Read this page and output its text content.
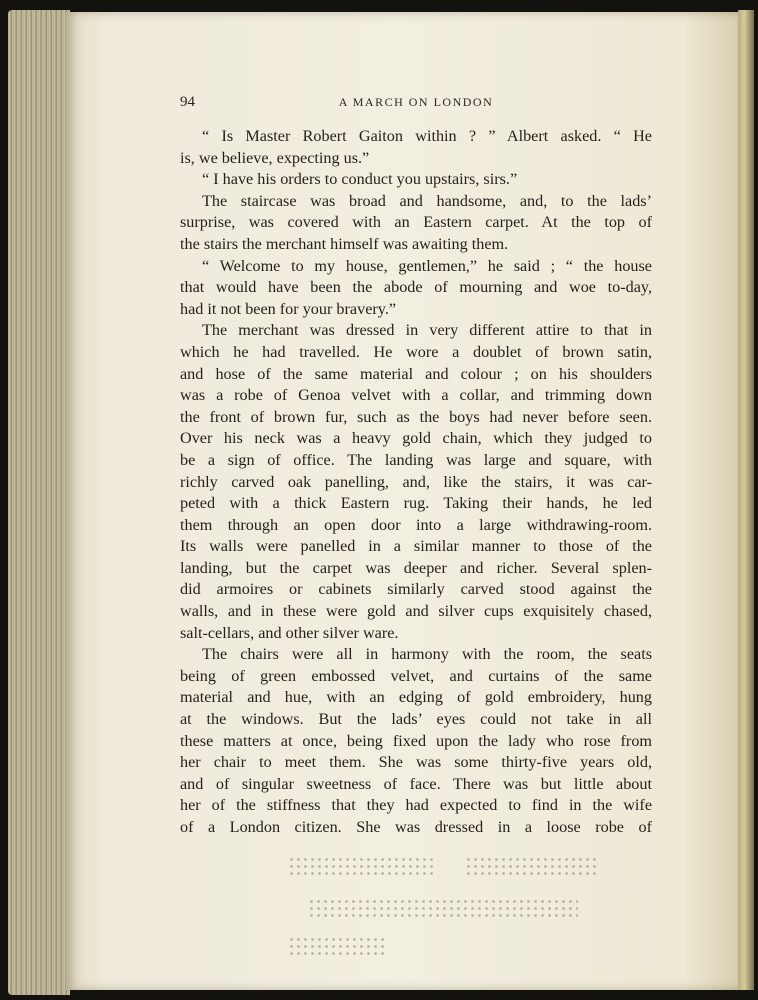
94	A MARCH ON LONDON
“ Is Master Robert Gaiton within ? ” Albert asked. “ He
is, we believe, expecting us.”
“ I have his orders to conduct you upstairs, sirs.”
The staircase was broad and handsome, and, to the lads’
surprise, was covered with an Eastern carpet. At the top of
the stairs the merchant himself was awaiting them.
“ Welcome to my house, gentlemen,” he said ; “ the house
that would have been the abode of mourning and woe to-day,
had it not been for your bravery.”
The merchant was dressed in very different attire to that in
which he had travelled. He wore a doublet of brown satin,
and hose of the same material and colour ; on his shoulders
was a robe of Genoa velvet with a collar, and trimming down
the front of brown fur, such as the boys had never before seen.
Over his neck was a heavy gold chain, which they judged to
be a sign of office. The landing was large and square, with
richly carved oak panelling, and, like the stairs, it was car-
peted with a thick Eastern rug. Taking their hands, he led
them through an open door into a large withdrawing-room.
Its walls were panelled in a similar manner to those of the
landing, but the carpet was deeper and richer. Several splen-
did armoires or cabinets similarly carved stood against the
walls, and in these were gold and silver cups exquisitely chased,
salt-cellars, and other silver ware.
The chairs were all in harmony with the room, the seats
being of green embossed velvet, and curtains of the same
material and hue, with an edging of gold embroidery, hung
at the windows. But the lads’ eyes could not take in all
these matters at once, being fixed upon the lady who rose from
her chair to meet them. She was some thirty-five years old,
and of singular sweetness of face. There was but little about
her of the stiffness that they had expected to find in the wife
of a London citizen. She was dressed in a loose robe of
